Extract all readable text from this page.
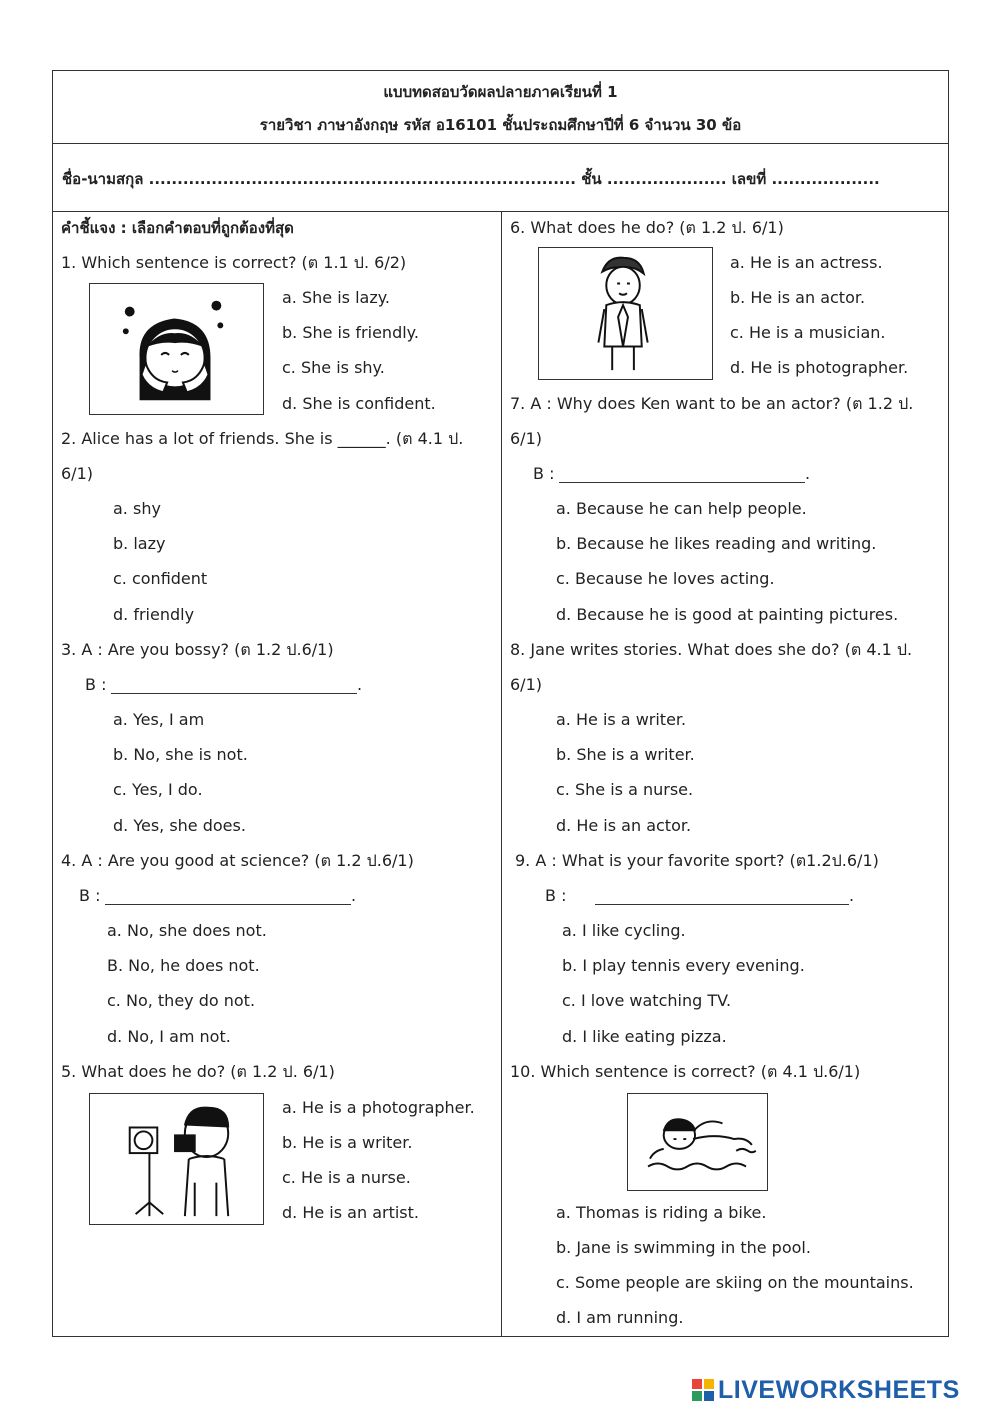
แบบทดสอบวัดผลปลายภาคเรียนที่ 1
รายวิชา ภาษาอังกฤษ รหัส อ16101 ชั้นประถมศึกษาปีที่ 6 จำนวน 30 ข้อ
ชื่อ-นามสกุล ........................................................................... ชั้น ..................... เลขที่ ...................
คำชี้แจง : เลือกคำตอบที่ถูกต้องที่สุด
1. Which sentence is correct? (ต 1.1 ป. 6/2)
a. She is lazy.
b. She is friendly.
c. She is shy.
d. She is confident.
2. Alice has a lot of friends. She is ______. (ต 4.1 ป.
6/1)
a. shy
b. lazy
c. confident
d. friendly
3. A : Are you bossy? (ต 1.2 ป.6/1)
B :	.
a. Yes, I am
b. No, she is not.
c. Yes, I do.
d. Yes, she does.
4. A : Are you good at science? (ต 1.2 ป.6/1)
B :	.
a. No, she does not.
B. No, he does not.
c. No, they do not.
d. No, I am not.
5. What does he do? (ต 1.2 ป. 6/1)
a. He is a photographer.
b. He is a writer.
c. He is a nurse.
d. He is an artist.
6. What does he do? (ต 1.2 ป. 6/1)
a. He is an actress.
b. He is an actor.
c. He is a musician.
d. He is photographer.
7. A : Why does Ken want to be an actor? (ต 1.2 ป.
6/1)
B :	.
a. Because he can help people.
b. Because he likes reading and writing.
c. Because he loves acting.
d. Because he is good at painting pictures.
8. Jane writes stories. What does she do? (ต 4.1 ป.
6/1)
a. He is a writer.
b. She is a writer.
c. She is a nurse.
d. He is an actor.
9. A : What is your favorite sport? (ต1.2ป.6/1)
B :	.
a. I like cycling.
b. I play tennis every evening.
c. I love watching TV.
d. I like eating pizza.
10. Which sentence is correct? (ต 4.1 ป.6/1)
a. Thomas is riding a bike.
b. Jane is swimming in the pool.
c. Some people are skiing on the mountains.
d. I am running.
LIVEWORKSHEETS
